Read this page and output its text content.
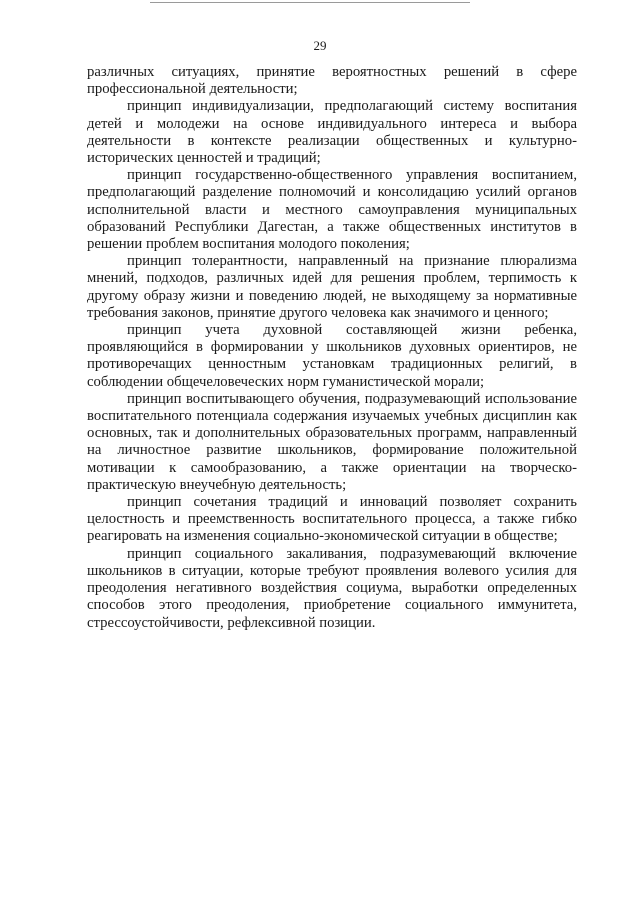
29

различных ситуациях, принятие вероятностных решений в сфере профессиональной деятельности;

принцип индивидуализации, предполагающий систему воспитания детей и молодежи на основе индивидуального интереса и выбора деятельности в контексте реализации общественных и культурно-исторических ценностей и традиций;

принцип государственно-общественного управления воспитанием, предполагающий разделение полномочий и консолидацию усилий органов исполнительной власти и местного самоуправления муниципальных образований Республики Дагестан, а также общественных институтов в решении проблем воспитания молодого поколения;

принцип толерантности, направленный на признание плюрализма мнений, подходов, различных идей для решения проблем, терпимость к другому образу жизни и поведению людей, не выходящему за нормативные требования законов, принятие другого человека как значимого и ценного;

принцип учета духовной составляющей жизни ребенка, проявляющийся в формировании у школьников духовных ориентиров, не противоречащих ценностным установкам традиционных религий, в соблюдении общечеловеческих норм гуманистической морали;

принцип воспитывающего обучения, подразумевающий использование воспитательного потенциала содержания изучаемых учебных дисциплин как основных, так и дополнительных образовательных программ, направленный на личностное развитие школьников, формирование положительной мотивации к самообразованию, а также ориентации на творческо-практическую внеучебную деятельность;

принцип сочетания традиций и инноваций позволяет сохранить целостность и преемственность воспитательного процесса, а также гибко реагировать на изменения социально-экономической ситуации в обществе;

принцип социального закаливания, подразумевающий включение школьников в ситуации, которые требуют проявления волевого усилия для преодоления негативного воздействия социума, выработки определенных способов этого преодоления, приобретение социального иммунитета, стрессоустойчивости, рефлексивной позиции.
